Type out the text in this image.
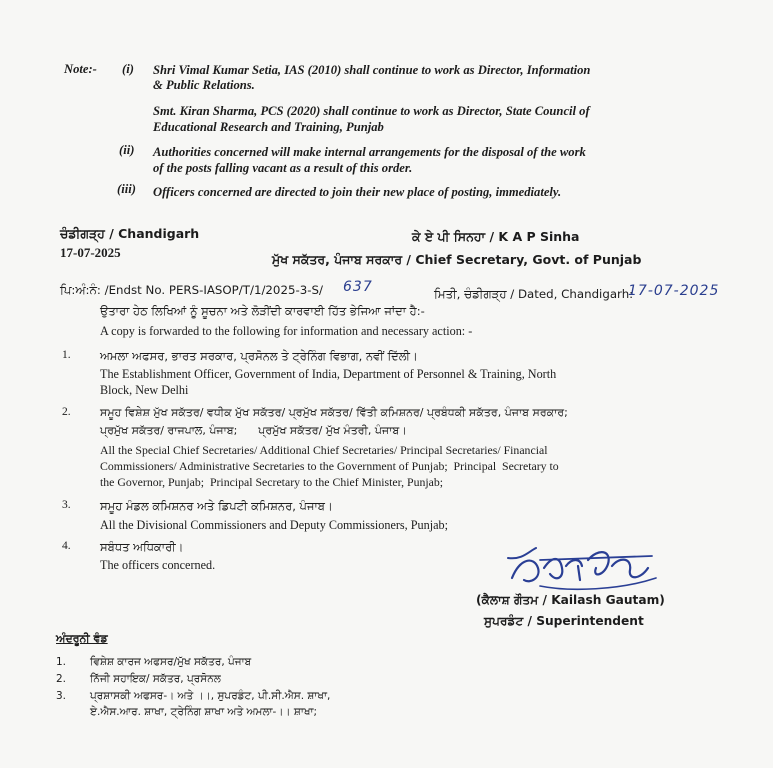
Note:- (i) Shri Vimal Kumar Setia, IAS (2010) shall continue to work as Director, Information
& Public Relations.
Smt. Kiran Sharma, PCS (2020) shall continue to work as Director, State Council of
Educational Research and Training, Punjab
(ii) Authorities concerned will make internal arrangements for the disposal of the work
of the posts falling vacant as a result of this order.
(iii) Officers concerned are directed to join their new place of posting, immediately.
ਚੰਡੀਗੜ੍ਹ / Chandigarh
17-07-2025
ਕੇ ਏ ਪੀ ਸਿਨਹਾ / K A P Sinha
ਮੁੱਖ ਸਕੱਤਰ, ਪੰਜਾਬ ਸਰਕਾਰ / Chief Secretary, Govt. of Punjab
ਪਿ:ਅੰ:ਨੰ: /Endst No. PERS-IASOP/T/1/2025-3-S/ 637	ਮਿਤੀ, ਚੰਡੀਗੜ੍ਹ / Dated, Chandigarh:
17-07-2025
ਉਤਾਰਾ ਹੇਠ ਲਿਖਿਆਂ ਨੂੰ ਸੂਚਨਾ ਅਤੇ ਲੋੜੀਂਦੀ ਕਾਰਵਾਈ ਹਿੱਤ ਭੇਜਿਆ ਜਾਂਦਾ ਹੈ:-
A copy is forwarded to the following for information and necessary action: -
1.	ਅਮਲਾ ਅਫਸਰ, ਭਾਰਤ ਸਰਕਾਰ, ਪ੍ਰਸੋਨਲ ਤੇ ਟ੍ਰੇਨਿੰਗ ਵਿਭਾਗ, ਨਵੀਂ ਦਿੱਲੀ।
The Establishment Officer, Government of India, Department of Personnel & Training, North
Block, New Delhi
2.	ਸਮੂਹ ਵਿਸ਼ੇਸ਼ ਮੁੱਖ ਸਕੱਤਰ/ ਵਧੀਕ ਮੁੱਖ ਸਕੱਤਰ/ ਪ੍ਰਮੁੱਖ ਸਕੱਤਰ/ ਵਿੱਤੀ ਕਮਿਸ਼ਨਰ/ ਪ੍ਰਬੰਧਕੀ ਸਕੱਤਰ, ਪੰਜਾਬ ਸਰਕਾਰ;
ਪ੍ਰਮੁੱਖ ਸਕੱਤਰ/ ਰਾਜਪਾਲ, ਪੰਜਾਬ;      ਪ੍ਰਮੁੱਖ ਸਕੱਤਰ/ ਮੁੱਖ ਮੰਤਰੀ, ਪੰਜਾਬ।
All the Special Chief Secretaries/ Additional Chief Secretaries/ Principal Secretaries/ Financial
Commissioners/ Administrative Secretaries to the Government of Punjab;  Principal  Secretary to
the Governor, Punjab;  Principal Secretary to the Chief Minister, Punjab;
3.	ਸਮੂਹ ਮੰਡਲ ਕਮਿਸ਼ਨਰ ਅਤੇ ਡਿਪਟੀ ਕਮਿਸ਼ਨਰ, ਪੰਜਾਬ।
All the Divisional Commissioners and Deputy Commissioners, Punjab;
4.	ਸਬੰਧਤ ਅਧਿਕਾਰੀ।
The officers concerned.
(ਕੈਲਾਸ਼ ਗੌਤਮ / Kailash Gautam)
ਸੁਪਰਡੰਟ / Superintendent
ਅੰਦਰੂਨੀ ਵੰਡ
1. ਵਿਸ਼ੇਸ਼ ਕਾਰਜ ਅਫਸਰ/ਮੁੱਖ ਸਕੱਤਰ, ਪੰਜਾਬ
2. ਨਿੱਜੀ ਸਹਾਇਕ/ ਸਕੱਤਰ, ਪ੍ਰਸੋਨਲ
3. ਪ੍ਰਸ਼ਾਸਕੀ ਅਫਸਰ-। ਅਤੇ ।।, ਸੁਪਰਡੰਟ, ਪੀ.ਸੀ.ਐਸ. ਸ਼ਾਖਾ,
ਏ.ਐਸ.ਆਰ. ਸ਼ਾਖਾ, ਟ੍ਰੇਨਿੰਗ ਸ਼ਾਖਾ ਅਤੇ ਅਮਲਾ-।। ਸ਼ਾਖਾ;
